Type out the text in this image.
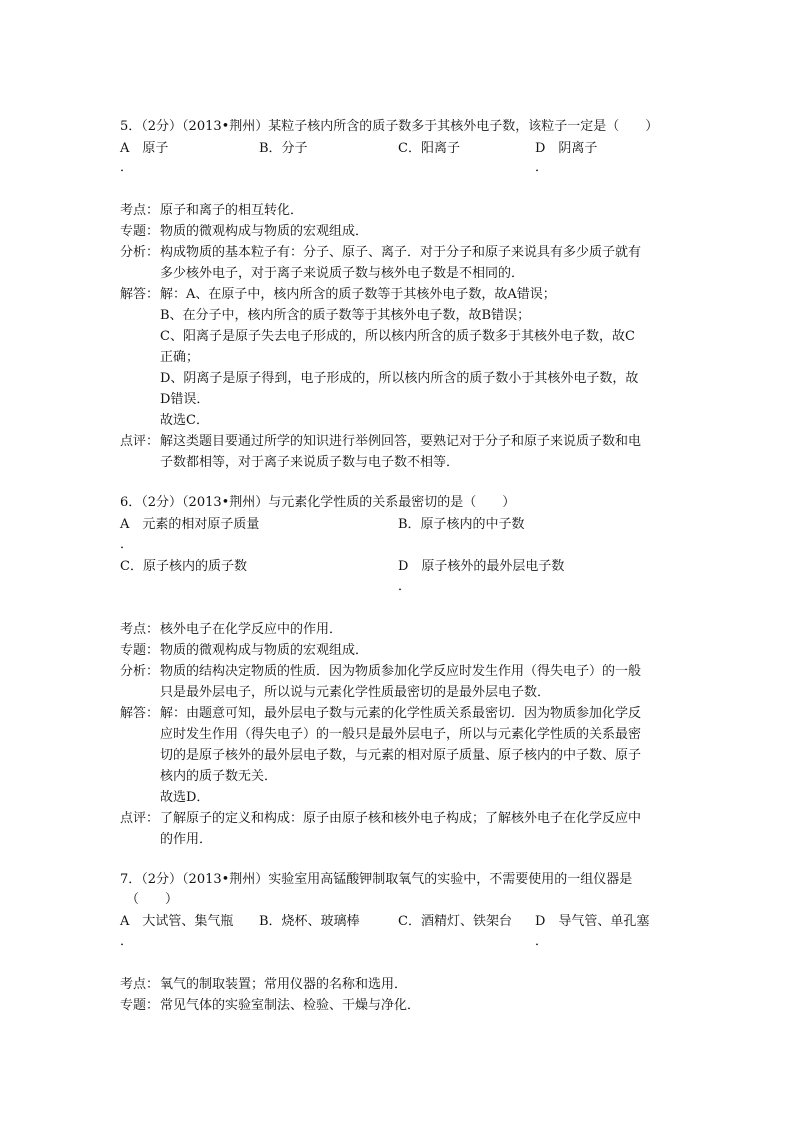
5．（2分）（2013•荆州）某粒子核内所含的质子数多于其核外电子数，该粒子一定是（　　）
A　原子	B．分子	C．阳离子	D　阴离子
．	．
考点： 原子和离子的相互转化．
专题： 物质的微观构成与物质的宏观组成．
分析： 构成物质的基本粒子有：分子、原子、离子．对于分子和原子来说具有多少质子就有
多少核外电子，对于离子来说质子数与核外电子数是不相同的．
解答： 解：A、在原子中，核内所含的质子数等于其核外电子数，故A错误；
B、在分子中，核内所含的质子数等于其核外电子数，故B错误；
C、阳离子是原子失去电子形成的，所以核内所含的质子数多于其核外电子数，故C
正确；
D、阴离子是原子得到，电子形成的，所以核内所含的质子数小于其核外电子数，故
D错误．
故选C．
点评： 解这类题目要通过所学的知识进行举例回答，要熟记对于分子和原子来说质子数和电
子数都相等，对于离子来说质子数与电子数不相等．
6．（2分）（2013•荆州）与元素化学性质的关系最密切的是（　　）
A　元素的相对原子质量	B．原子核内的中子数
．
C．原子核内的质子数	D　原子核外的最外层电子数
．
考点： 核外电子在化学反应中的作用．
专题： 物质的微观构成与物质的宏观组成．
分析： 物质的结构决定物质的性质．因为物质参加化学反应时发生作用（得失电子）的一般
只是最外层电子，所以说与元素化学性质最密切的是最外层电子数．
解答： 解：由题意可知，最外层电子数与元素的化学性质关系最密切．因为物质参加化学反
应时发生作用（得失电子）的一般只是最外层电子，所以与元素化学性质的关系最密
切的是原子核外的最外层电子数，与元素的相对原子质量、原子核内的中子数、原子
核内的质子数无关．
故选D．
点评： 了解原子的定义和构成：原子由原子核和核外电子构成；了解核外电子在化学反应中
的作用．
7．（2分）（2013•荆州）实验室用高锰酸钾制取氧气的实验中，不需要使用的一组仪器是
（　　）
A　大试管、集气瓶 B．烧杯、玻璃棒	C．酒精灯、铁架台 D　导气管、单孔塞
．	．
考点： 氧气的制取装置；常用仪器的名称和选用．
专题： 常见气体的实验室制法、检验、干燥与净化．
